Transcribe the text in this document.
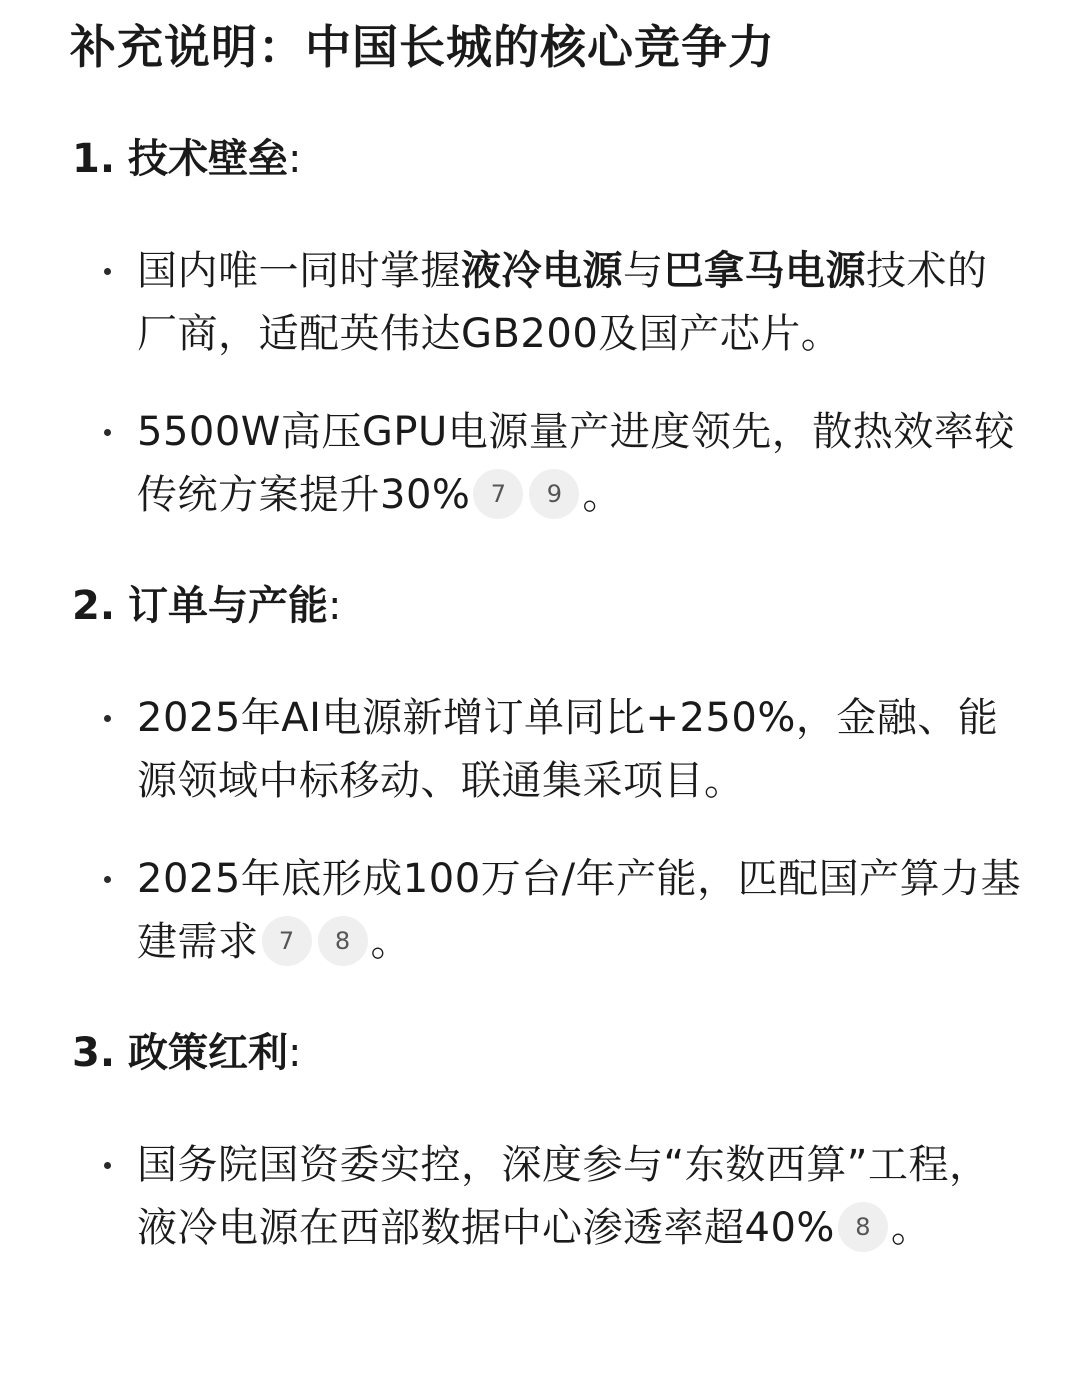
补充说明：中国长城的核心竞争力
1. 技术壁垒:
国内唯一同时掌握液冷电源与巴拿马电源技术的厂商，适配英伟达GB200及国产芯片。
5500W高压GPU电源量产进度领先，散热效率较传统方案提升30% 7 9 。
2. 订单与产能:
2025年AI电源新增订单同比+250%，金融、能源领域中标移动、联通集采项目。
2025年底形成100万台/年产能，匹配国产算力基建需求 7 8 。
3. 政策红利:
国务院国资委实控，深度参与“东数西算”工程，液冷电源在西部数据中心渗透率超40% 8 。
